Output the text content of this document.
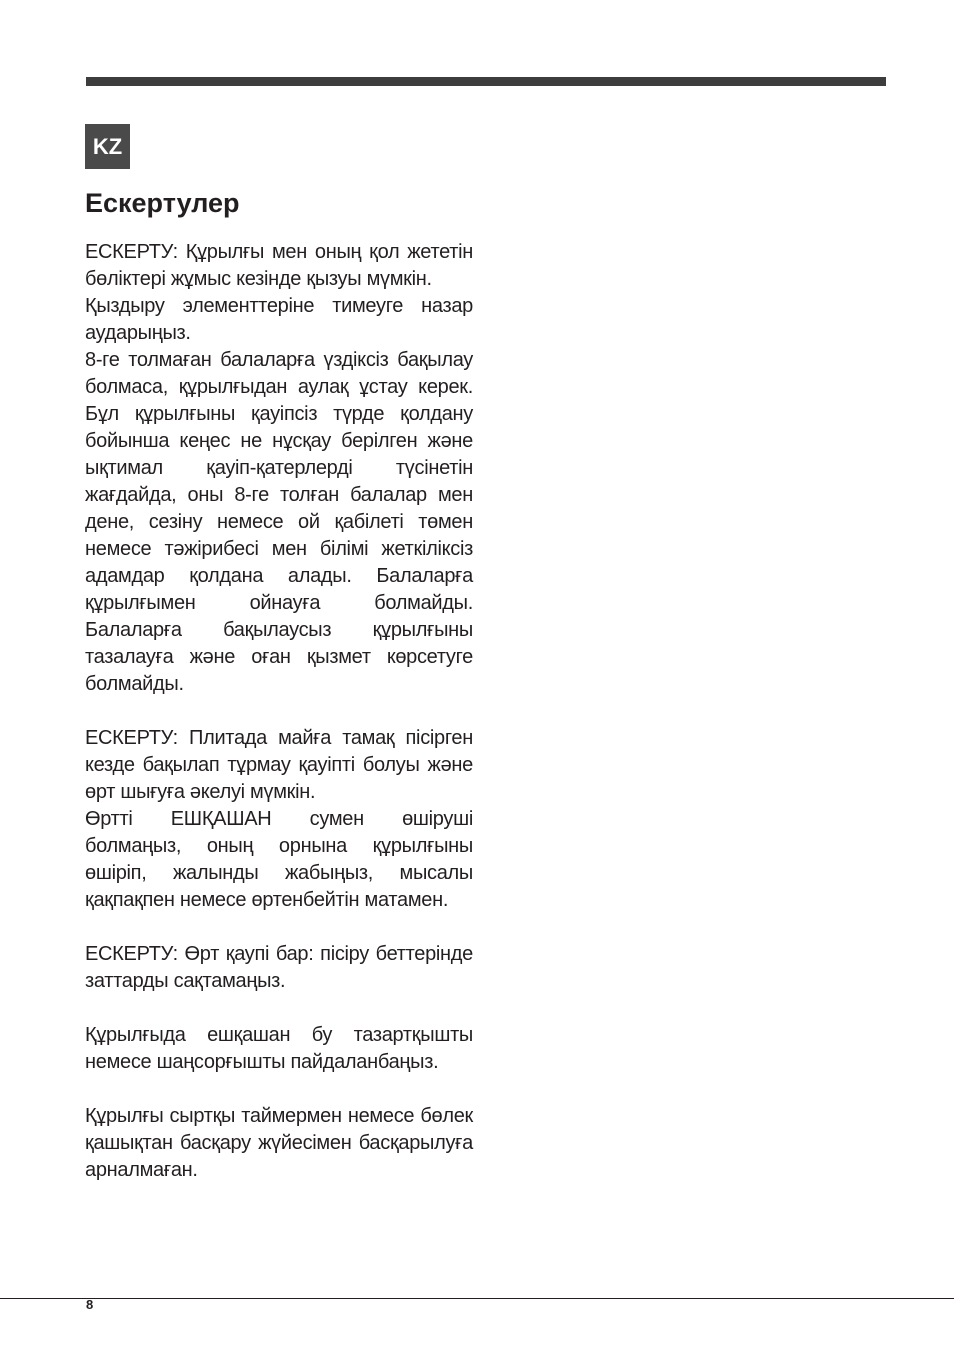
KZ
Ескертулер

ЕСКЕРТУ: Құрылғы мен оның қол жететін бөліктері жұмыс кезінде қызуы мүмкін.

Қыздыру элементтеріне тимеуге назар аударыңыз.

8-ге толмаған балаларға үздіксіз бақылау болмаса, құрылғыдан аулақ ұстау керек. Бұл құрылғыны қауіпсіз түрде қолдану бойынша кеңес не нұсқау берілген және ықтимал қауіп-қатерлерді түсінетін жағдайда, оны 8-ге толған балалар мен дене, сезіну немесе ой қабілеті төмен немесе тәжірибесі мен білімі жеткіліксіз адамдар қолдана алады. Балаларға құрылғымен ойнауға болмайды. Балаларға бақылаусыз құрылғыны тазалауға және оған қызмет көрсетуге болмайды.

ЕСКЕРТУ: Плитада майға тамақ пісірген кезде бақылап тұрмау қауіпті болуы және өрт шығуға әкелуі мүмкін.

Өртті ЕШҚАШАН сумен өшіруші болмаңыз, оның орнына құрылғыны өшіріп, жалынды жабыңыз, мысалы қақпақпен немесе өртенбейтін матамен.

ЕСКЕРТУ: Өрт қаупі бар: пісіру беттерінде заттарды сақтамаңыз.

Құрылғыда ешқашан бу тазартқышты немесе шаңсорғышты пайдаланбаңыз.

Құрылғы сыртқы таймермен немесе бөлек қашықтан басқару жүйесімен басқарылуға арналмаған.

8
